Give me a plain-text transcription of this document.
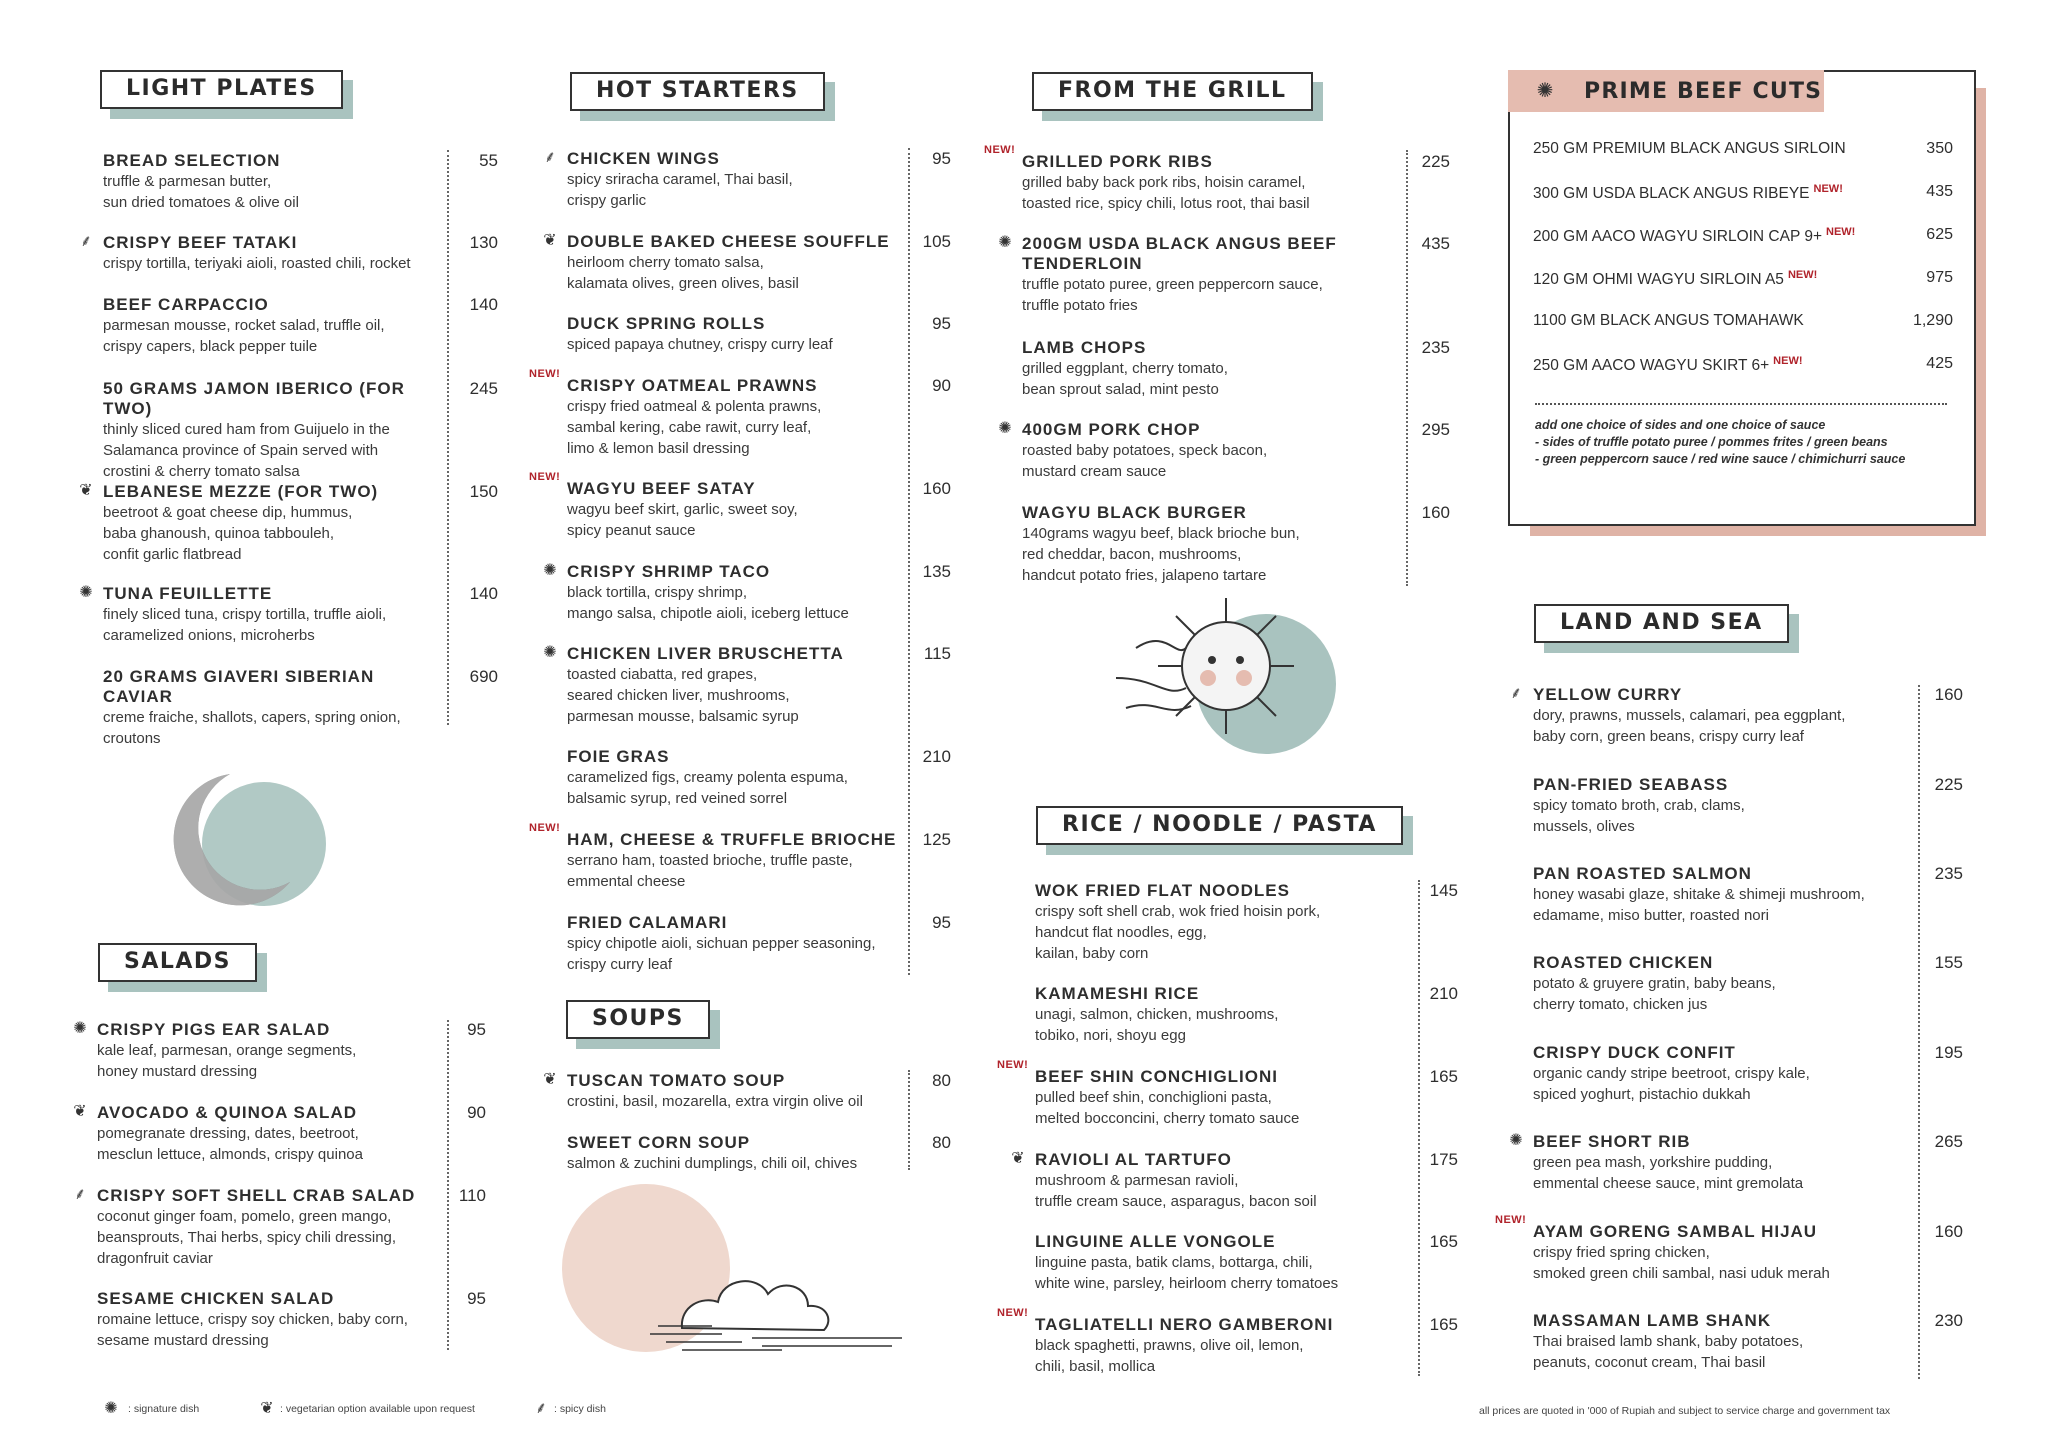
LIGHT PLATES	HOT STARTERS	FROM THE GRILL
SALADS
SOUPS
RICE / NOODLE / PASTA
LAND AND SEA
✺ PRIME BEEF CUTS
250 GM PREMIUM BLACK ANGUS SIRLOIN	350
300 GM USDA BLACK ANGUS RIBEYE $^{NEW!}$	435
200 GM AACO WAGYU SIRLOIN CAP 9+ $^{NEW!}$	625
120 GM OHMI WAGYU SIRLOIN A5 $^{NEW!}$	975
1100 GM BLACK ANGUS TOMAHAWK	1,290
250 GM AACO WAGYU SKIRT 6+ $^{NEW!}$	425
add one choice of sides and one choice of sauce
- sides of truffle potato puree / pommes frites / green beans
- green peppercorn sauce / red wine sauce / chimichurri sauce
BREAD SELECTION
truffle & parmesan butter,
sun dried tomatoes & olive oil
55
CRISPY BEEF TATAKI
crispy tortilla, teriyaki aioli, roasted chili, rocket
130
⸙
BEEF CARPACCIO
parmesan mousse, rocket salad, truffle oil,
crispy capers, black pepper tuile
140
50 GRAMS JAMON IBERICO (FOR TWO)
thinly sliced cured ham from Guijuelo in the
Salamanca province of Spain served with
crostini & cherry tomato salsa
245
LEBANESE MEZZE (FOR TWO)
beetroot & goat cheese dip, hummus,
baba ghanoush, quinoa tabbouleh,
confit garlic flatbread
150
❦
TUNA FEUILLETTE
finely sliced tuna, crispy tortilla, truffle aioli,
caramelized onions, microherbs
140
✺
20 GRAMS GIAVERI SIBERIAN CAVIAR
creme fraiche, shallots, capers, spring onion,
croutons
690
CRISPY PIGS EAR SALAD
kale leaf, parmesan, orange segments,
honey mustard dressing
95
✺
AVOCADO & QUINOA SALAD
pomegranate dressing, dates, beetroot,
mesclun lettuce, almonds, crispy quinoa
90
❦
CRISPY SOFT SHELL CRAB SALAD
coconut ginger foam, pomelo, green mango,
beansprouts, Thai herbs, spicy chili dressing,
dragonfruit caviar
110
⸙
SESAME CHICKEN SALAD
romaine lettuce, crispy soy chicken, baby corn,
sesame mustard dressing
95
CHICKEN WINGS
spicy sriracha caramel, Thai basil,
crispy garlic
95
⸙
DOUBLE BAKED CHEESE SOUFFLE
heirloom cherry tomato salsa,
kalamata olives, green olives, basil
105
❦
DUCK SPRING ROLLS
spiced papaya chutney, crispy curry leaf
95
CRISPY OATMEAL PRAWNS
crispy fried oatmeal & polenta prawns,
sambal kering, cabe rawit, curry leaf,
limo & lemon basil dressing
90
NEW!
WAGYU BEEF SATAY
wagyu beef skirt, garlic, sweet soy,
spicy peanut sauce
160
NEW!
CRISPY SHRIMP TACO
black tortilla, crispy shrimp,
mango salsa, chipotle aioli, iceberg lettuce
135
✺
CHICKEN LIVER BRUSCHETTA
toasted ciabatta, red grapes,
seared chicken liver, mushrooms,
parmesan mousse, balsamic syrup
115
✺
FOIE GRAS
caramelized figs, creamy polenta espuma,
balsamic syrup, red veined sorrel
210
HAM, CHEESE & TRUFFLE BRIOCHE
serrano ham, toasted brioche, truffle paste,
emmental cheese
125
NEW!
FRIED CALAMARI
spicy chipotle aioli, sichuan pepper seasoning,
crispy curry leaf
95
TUSCAN TOMATO SOUP
crostini, basil, mozarella, extra virgin olive oil
80
❦
SWEET CORN SOUP
salmon & zuchini dumplings, chili oil, chives
80
GRILLED PORK RIBS
grilled baby back pork ribs, hoisin caramel,
toasted rice, spicy chili, lotus root, thai basil
225
NEW!
200GM USDA BLACK ANGUS BEEF
TENDERLOIN
truffle potato puree, green peppercorn sauce,
truffle potato fries
435
✺
LAMB CHOPS
grilled eggplant, cherry tomato,
bean sprout salad, mint pesto
235
400GM PORK CHOP
roasted baby potatoes, speck bacon,
mustard cream sauce
295
✺
WAGYU BLACK BURGER
140grams wagyu beef, black brioche bun,
red cheddar, bacon, mushrooms,
handcut potato fries, jalapeno tartare
160
WOK FRIED FLAT NOODLES
crispy soft shell crab, wok fried hoisin pork,
handcut flat noodles, egg,
kailan, baby corn
145
KAMAMESHI RICE
unagi, salmon, chicken, mushrooms,
tobiko, nori, shoyu egg
210
BEEF SHIN CONCHIGLIONI
pulled beef shin, conchiglioni pasta,
melted bocconcini, cherry tomato sauce
165
NEW!
RAVIOLI AL TARTUFO
mushroom & parmesan ravioli,
truffle cream sauce, asparagus, bacon soil
175
❦
LINGUINE ALLE VONGOLE
linguine pasta, batik clams, bottarga, chili,
white wine, parsley, heirloom cherry tomatoes
165
TAGLIATELLI NERO GAMBERONI
black spaghetti, prawns, olive oil, lemon,
chili, basil, mollica
165
NEW!
YELLOW CURRY
dory, prawns, mussels, calamari, pea eggplant,
baby corn, green beans, crispy curry leaf
160
⸙
PAN-FRIED SEABASS
spicy tomato broth, crab, clams,
mussels, olives
225
PAN ROASTED SALMON
honey wasabi glaze, shitake & shimeji mushroom,
edamame, miso butter, roasted nori
235
ROASTED CHICKEN
potato & gruyere gratin, baby beans,
cherry tomato, chicken jus
155
CRISPY DUCK CONFIT
organic candy stripe beetroot, crispy kale,
spiced yoghurt, pistachio dukkah
195
BEEF SHORT RIB
green pea mash, yorkshire pudding,
emmental cheese sauce, mint gremolata
265
✺
AYAM GORENG SAMBAL HIJAU
crispy fried spring chicken,
smoked green chili sambal, nasi uduk merah
160
NEW!
MASSAMAN LAMB SHANK
Thai braised lamb shank, baby potatoes,
peanuts, coconut cream, Thai basil
230
✺ : signature dish	❦ : vegetarian option available upon request	⸙ : spicy dish	all prices are quoted in '000 of Rupiah and subject to service charge and government tax
